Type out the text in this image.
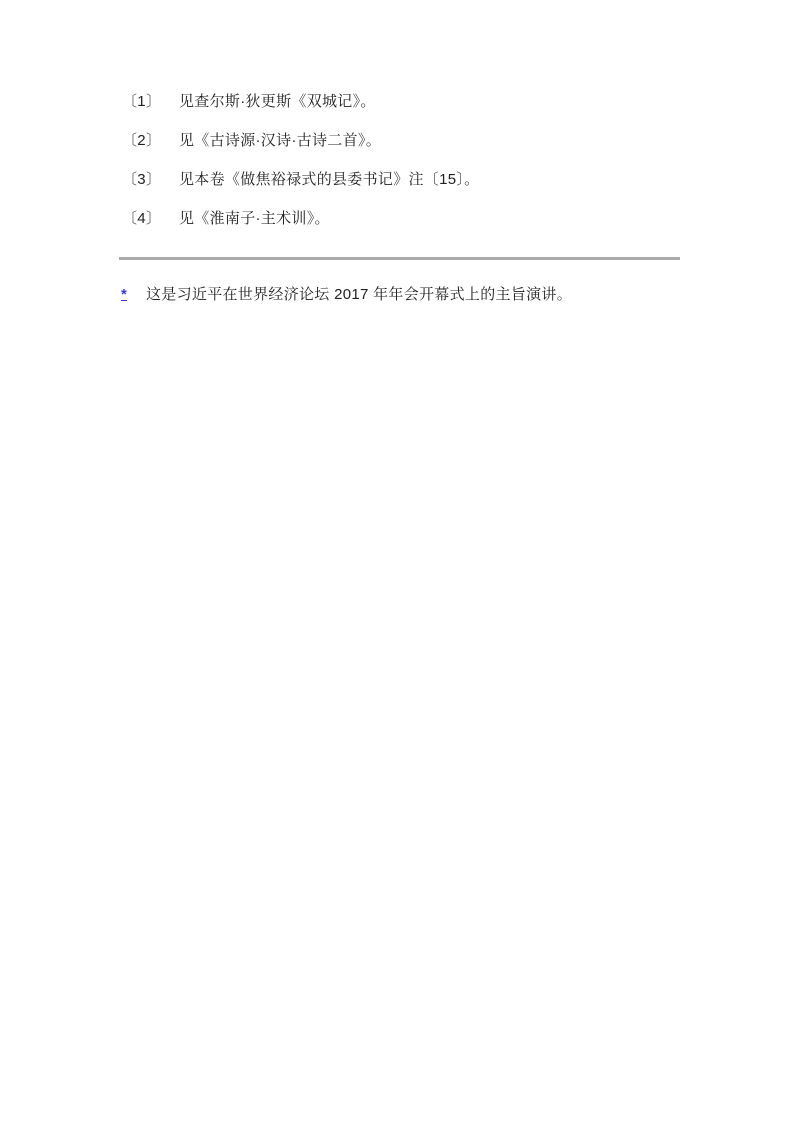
〔1〕 见查尔斯·狄更斯《双城记》。
〔2〕 见《古诗源·汉诗·古诗二首》。
〔3〕 见本卷《做焦裕禄式的县委书记》注〔15〕。
〔4〕 见《淮南子·主术训》。
* 这是习近平在世界经济论坛 2017 年年会开幕式上的主旨演讲。
